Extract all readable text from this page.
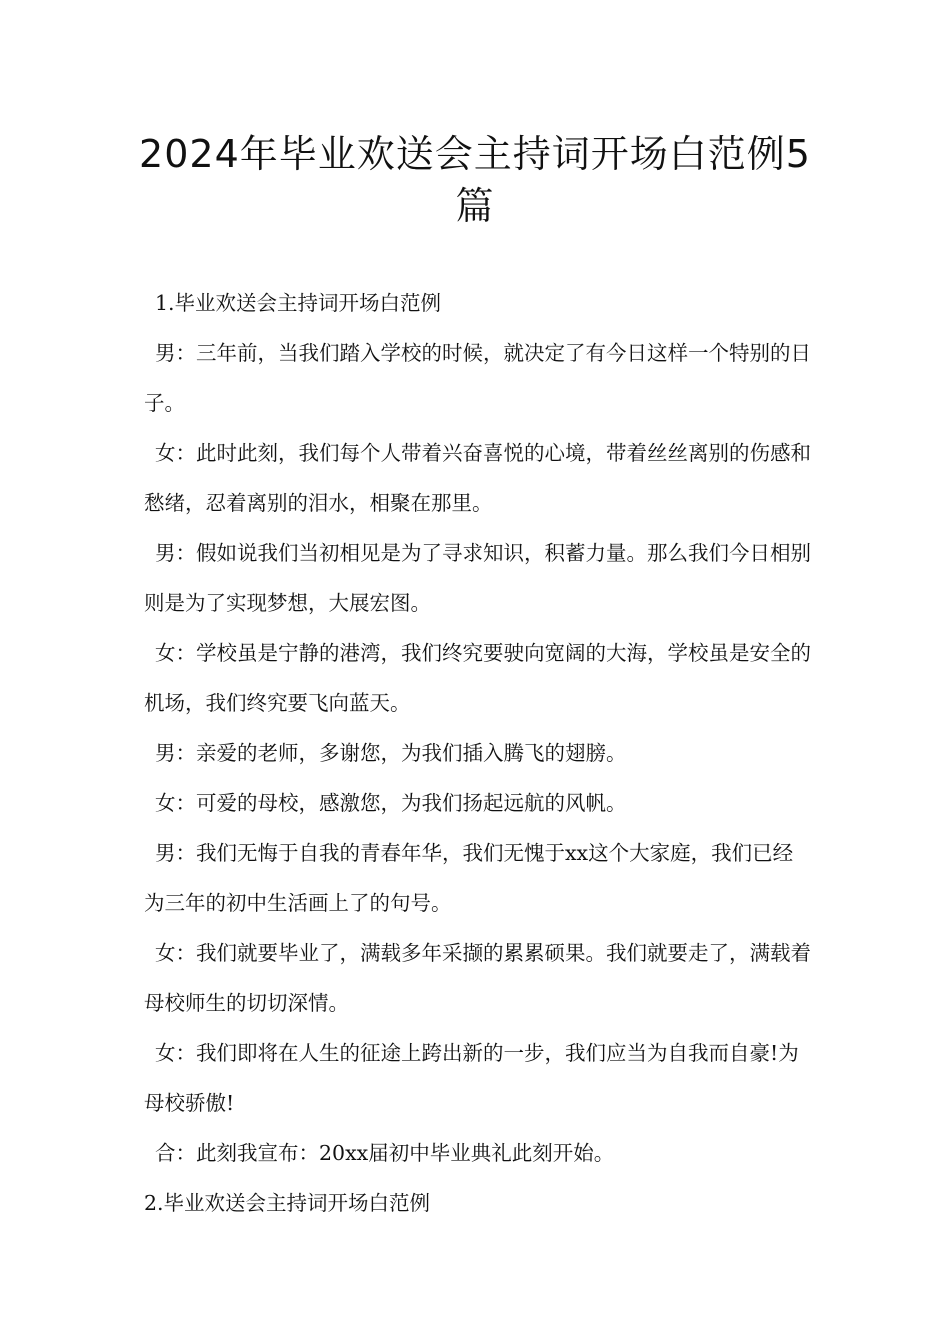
2024年毕业欢送会主持词开场白范例5篇

1.毕业欢送会主持词开场白范例

男：三年前，当我们踏入学校的时候，就决定了有今日这样一个特别的日子。

女：此时此刻，我们每个人带着兴奋喜悦的心境，带着丝丝离别的伤感和愁绪，忍着离别的泪水，相聚在那里。

男：假如说我们当初相见是为了寻求知识，积蓄力量。那么我们今日相别则是为了实现梦想，大展宏图。

女：学校虽是宁静的港湾，我们终究要驶向宽阔的大海，学校虽是安全的机场，我们终究要飞向蓝天。

男：亲爱的老师，多谢您，为我们插入腾飞的翅膀。

女：可爱的母校，感激您，为我们扬起远航的风帆。

男：我们无悔于自我的青春年华，我们无愧于xx这个大家庭，我们已经为三年的初中生活画上了的句号。

女：我们就要毕业了，满载多年采撷的累累硕果。我们就要走了，满载着母校师生的切切深情。

女：我们即将在人生的征途上跨出新的一步，我们应当为自我而自豪!为母校骄傲!

合：此刻我宣布：20xx届初中毕业典礼此刻开始。

2.毕业欢送会主持词开场白范例
